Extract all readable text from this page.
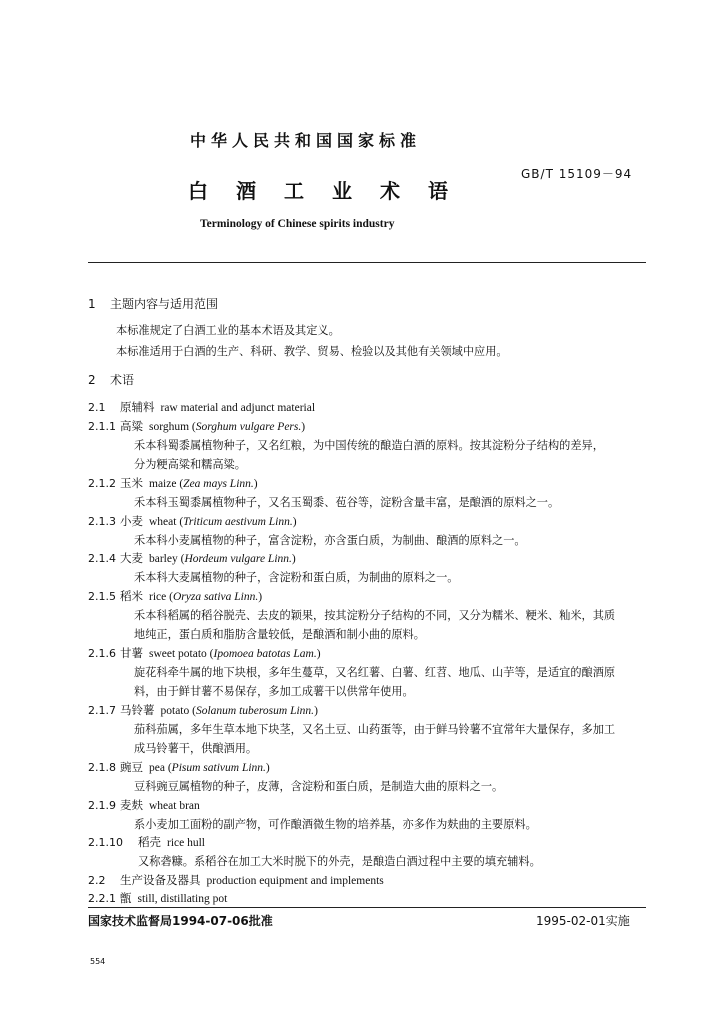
中华人民共和国国家标准
GB/T 15109－94
白酒工业术语
Terminology of Chinese spirits industry
1 主题内容与适用范围
本标准规定了白酒工业的基本术语及其定义。
本标准适用于白酒的生产、科研、教学、贸易、检验以及其他有关领域中应用。
2 术语
2.1 原辅料 raw material and adjunct material
2.1.1 高粱 sorghum (Sorghum vulgare Pers.)
禾本科蜀黍属植物种子，又名红粮，为中国传统的酿造白酒的原料。按其淀粉分子结构的差异，
分为粳高粱和糯高粱。
2.1.2 玉米 maize (Zea mays Linn.)
禾本科玉蜀黍属植物种子，又名玉蜀黍、苞谷等，淀粉含量丰富，是酿酒的原料之一。
2.1.3 小麦 wheat (Triticum aestivum Linn.)
禾本科小麦属植物的种子，富含淀粉，亦含蛋白质，为制曲、酿酒的原料之一。
2.1.4 大麦 barley (Hordeum vulgare Linn.)
禾本科大麦属植物的种子，含淀粉和蛋白质，为制曲的原料之一。
2.1.5 稻米 rice (Oryza sativa Linn.)
禾本科稻属的稻谷脱壳、去皮的颖果，按其淀粉分子结构的不同，又分为糯米、粳米、籼米，其质
地纯正，蛋白质和脂肪含量较低，是酿酒和制小曲的原料。
2.1.6 甘薯 sweet potato (Ipomoea batotas Lam.)
旋花科牵牛属的地下块根，多年生蔓草，又名红薯、白薯、红苕、地瓜、山芋等，是适宜的酿酒原
料，由于鲜甘薯不易保存，多加工成薯干以供常年使用。
2.1.7 马铃薯 potato (Solanum tuberosum Linn.)
茄科茄属，多年生草本地下块茎，又名土豆、山药蛋等，由于鲜马铃薯不宜常年大量保存，多加工
成马铃薯干，供酿酒用。
2.1.8 豌豆 pea (Pisum sativum Linn.)
豆科豌豆属植物的种子，皮薄，含淀粉和蛋白质，是制造大曲的原料之一。
2.1.9 麦麸 wheat bran
系小麦加工面粉的副产物，可作酿酒微生物的培养基，亦多作为麸曲的主要原料。
2.1.10 稻壳 rice hull
又称砻糠。系稻谷在加工大米时脱下的外壳，是酿造白酒过程中主要的填充辅料。
2.2 生产设备及器具 production equipment and implements
2.2.1 甑 still, distillating pot
国家技术监督局1994-07-06批准	1995-02-01实施
554
